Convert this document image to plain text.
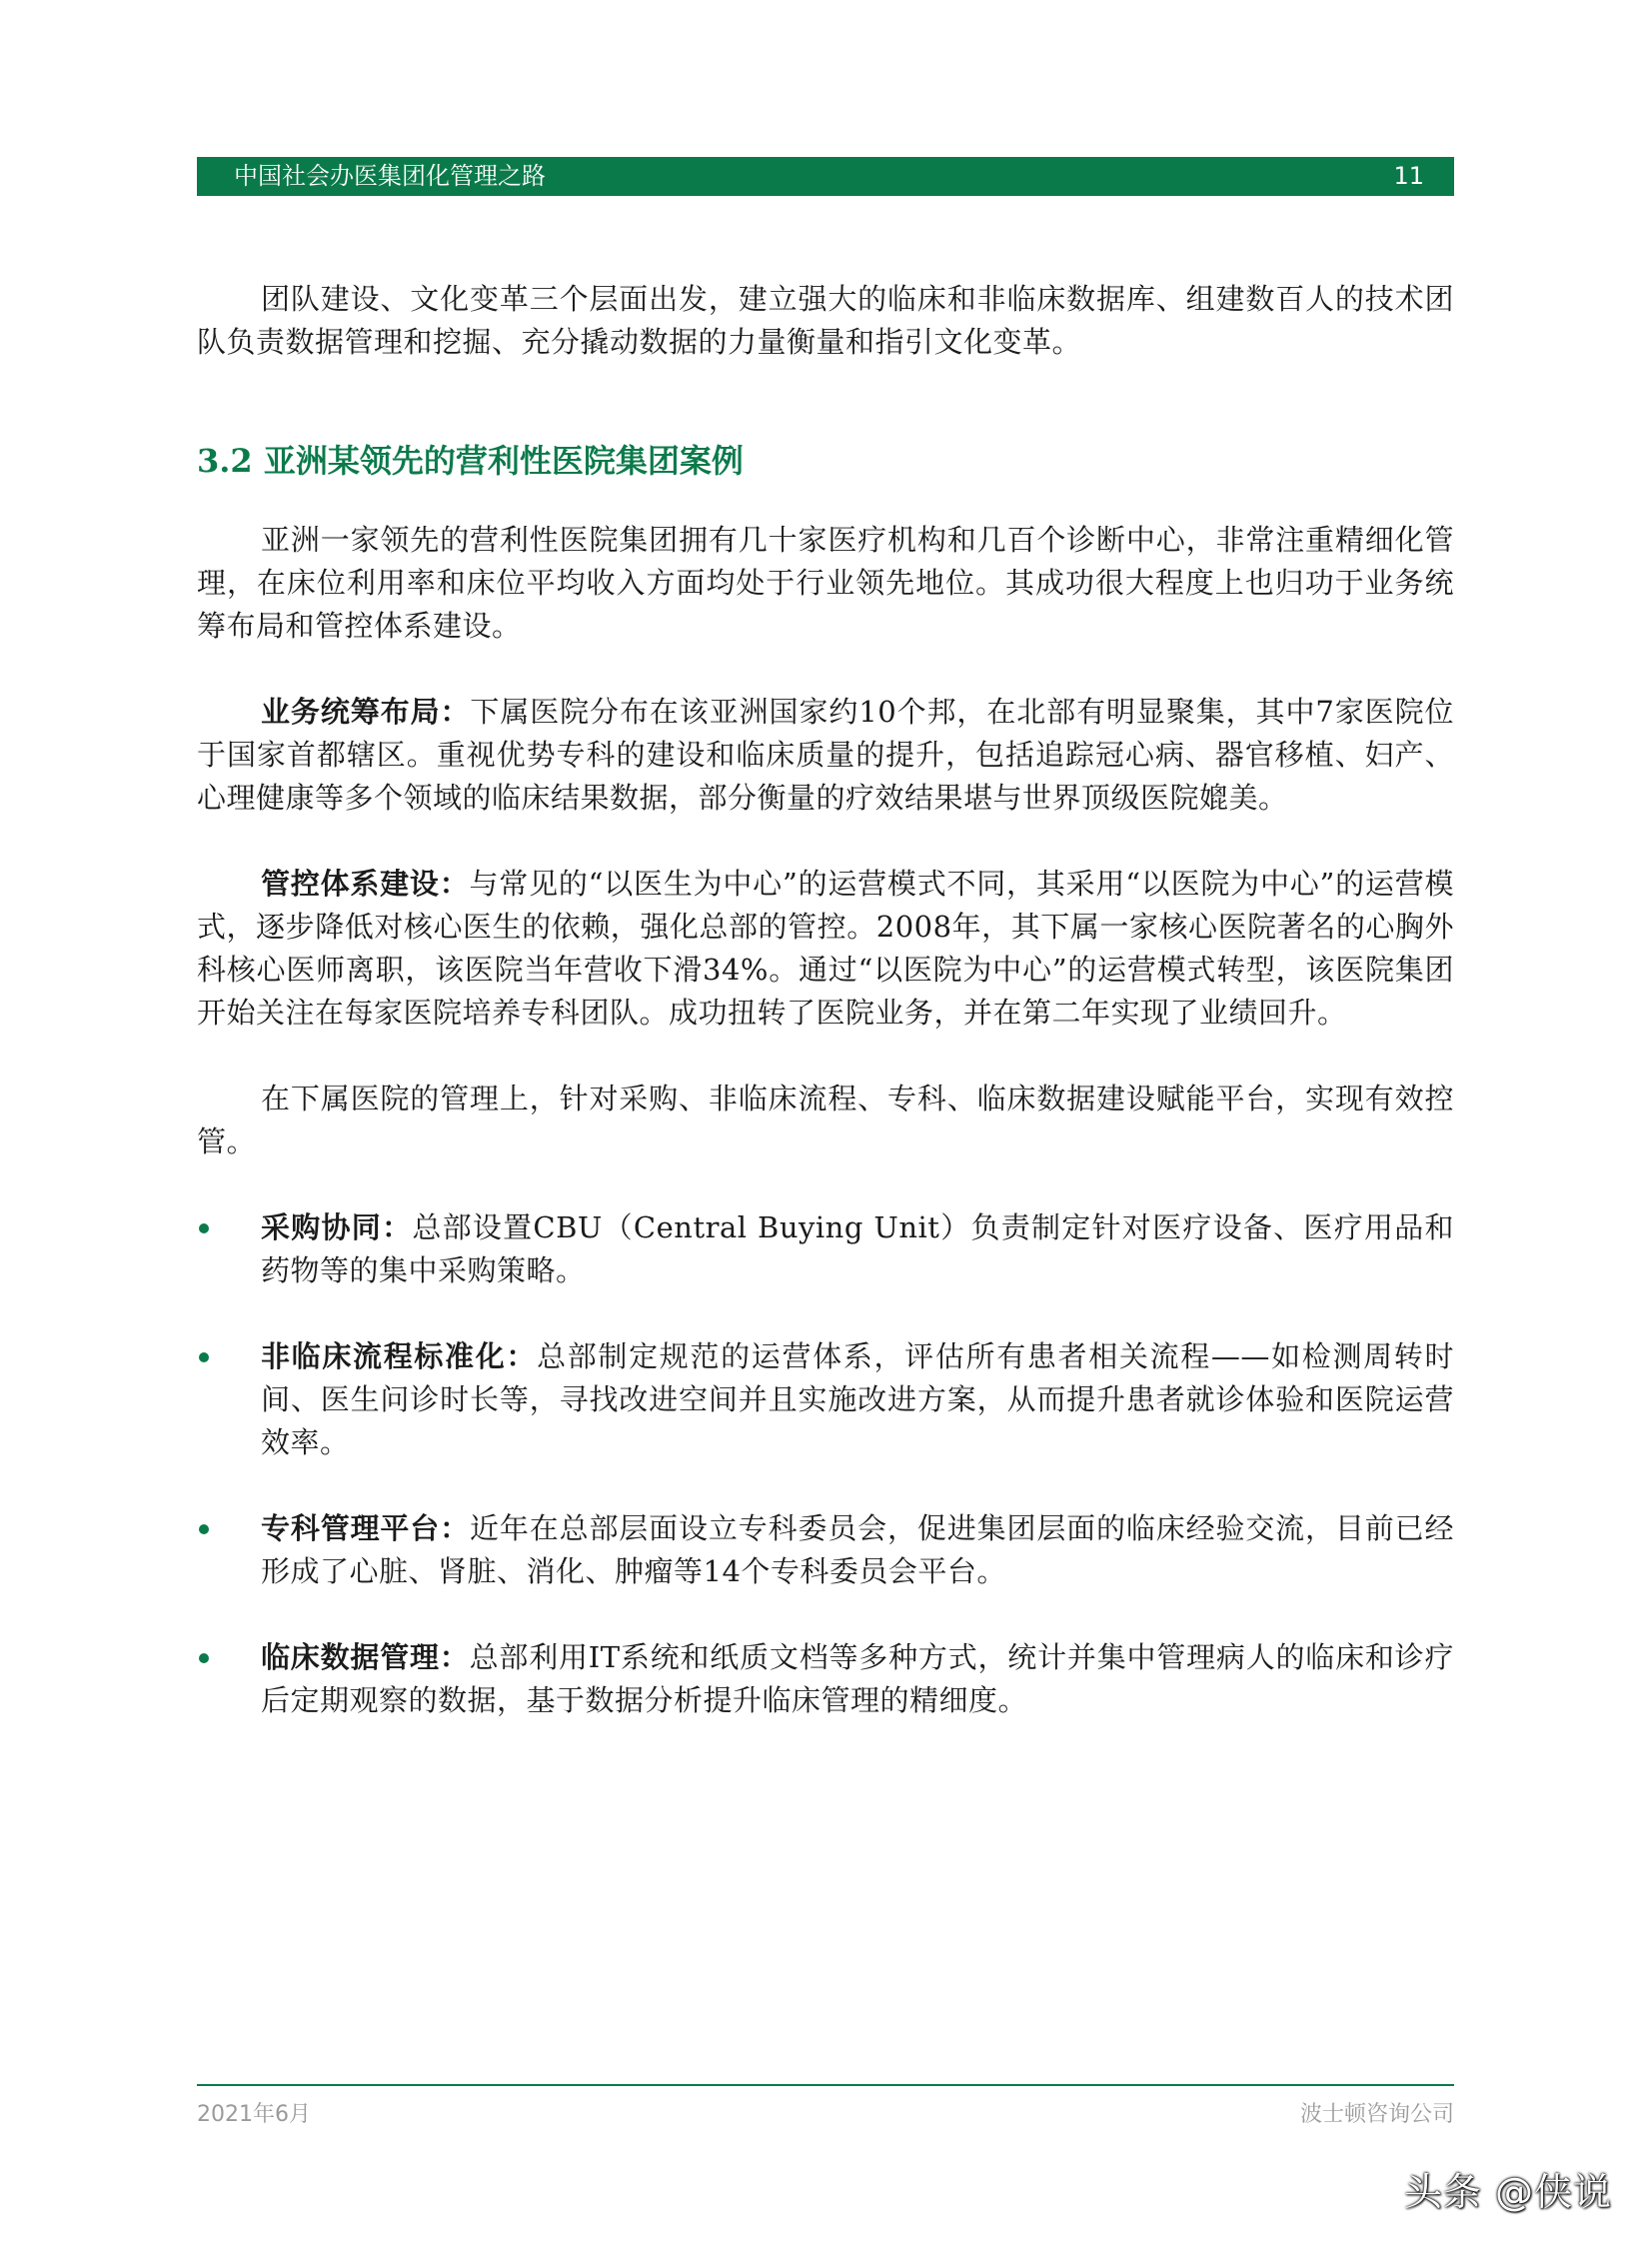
中国社会办医集团化管理之路	11

团队建设、文化变革三个层面出发，建立强大的临床和非临床数据库、组建数百人的技术团队负责数据管理和挖掘、充分撬动数据的力量衡量和指引文化变革。

3.2 亚洲某领先的营利性医院集团案例

亚洲一家领先的营利性医院集团拥有几十家医疗机构和几百个诊断中心，非常注重精细化管理，在床位利用率和床位平均收入方面均处于行业领先地位。其成功很大程度上也归功于业务统筹布局和管控体系建设。

业务统筹布局：下属医院分布在该亚洲国家约10个邦，在北部有明显聚集，其中7家医院位于国家首都辖区。重视优势专科的建设和临床质量的提升，包括追踪冠心病、器官移植、妇产、心理健康等多个领域的临床结果数据，部分衡量的疗效结果堪与世界顶级医院媲美。

管控体系建设：与常见的“以医生为中心”的运营模式不同，其采用“以医院为中心”的运营模式，逐步降低对核心医生的依赖，强化总部的管控。2008年，其下属一家核心医院著名的心胸外科核心医师离职，该医院当年营收下滑34%。通过“以医院为中心”的运营模式转型，该医院集团开始关注在每家医院培养专科团队。成功扭转了医院业务，并在第二年实现了业绩回升。

在下属医院的管理上，针对采购、非临床流程、专科、临床数据建设赋能平台，实现有效控管。

采购协同：总部设置CBU（Central Buying Unit）负责制定针对医疗设备、医疗用品和药物等的集中采购策略。
非临床流程标准化：总部制定规范的运营体系，评估所有患者相关流程——如检测周转时间、医生问诊时长等，寻找改进空间并且实施改进方案，从而提升患者就诊体验和医院运营效率。
专科管理平台：近年在总部层面设立专科委员会，促进集团层面的临床经验交流，目前已经形成了心脏、肾脏、消化、肿瘤等14个专科委员会平台。
临床数据管理：总部利用IT系统和纸质文档等多种方式，统计并集中管理病人的临床和诊疗后定期观察的数据，基于数据分析提升临床管理的精细度。
2021年6月	波士顿咨询公司
头条 @侠说
